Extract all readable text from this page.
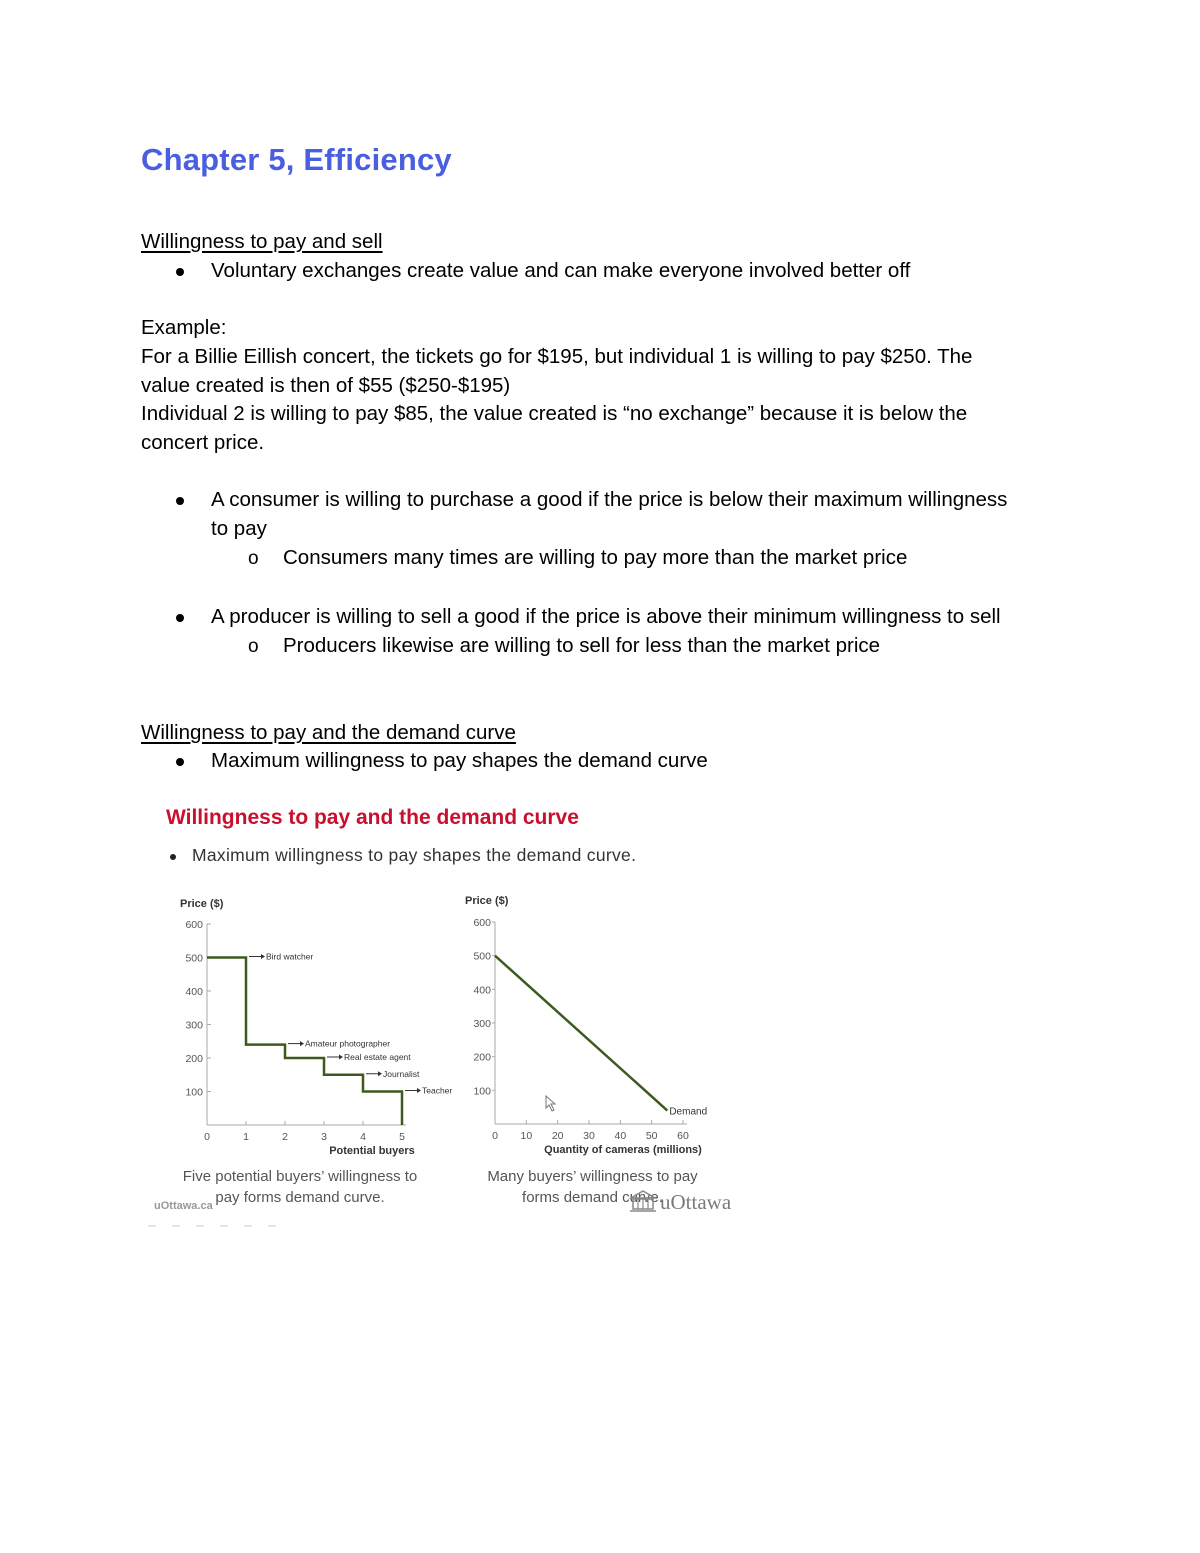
Chapter 5, Efficiency
Willingness to pay and sell
Voluntary exchanges create value and can make everyone involved better off
Example:
For a Billie Eillish concert, the tickets go for $195, but individual 1 is willing to pay $250. The
value created is then of $55 ($250-$195)
Individual 2 is willing to pay $85, the value created is “no exchange” because it is below the
concert price.
A consumer is willing to purchase a good if the price is below their maximum willingness
to pay
o Consumers many times are willing to pay more than the market price
A producer is willing to sell a good if the price is above their minimum willingness to sell
o Producers likewise are willing to sell for less than the market price
Willingness to pay and the demand curve
Maximum willingness to pay shapes the demand curve
Willingness to pay and the demand curve
Maximum willingness to pay shapes the demand curve.
Price ($)
100
200
300
400
500
600
0	1	2	3	4	5
Bird watcher
Amateur photographer
Real estate agent
Journalist
Teacher
Potential buyers
Price ($)
100
200
300
400
500
600
0 10 20 30 40 50 60
Demand
Quantity of cameras (millions)
Five potential buyers’ willingness to
pay forms demand curve.
Many buyers’ willingness to pay
forms demand curve.
uOttawa.ca	uOttawa
